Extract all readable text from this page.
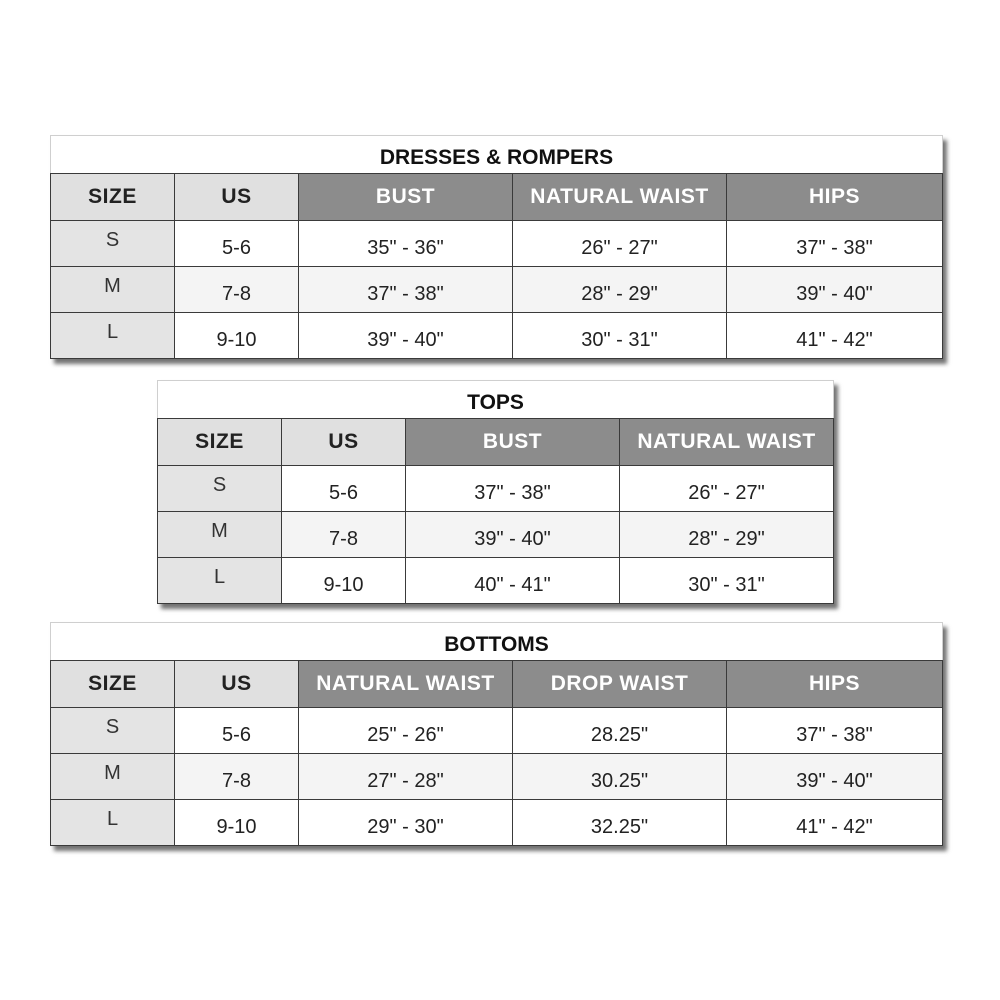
DRESSES & ROMPERS				
SIZE	US	BUST	NATURAL WAIST	HIPS
S	5-6	35" - 36"	26" - 27"	37" - 38"
M	7-8	37" - 38"	28" - 29"	39" - 40"
L	9-10	39" - 40"	30" - 31"	41" - 42"
TOPS			
SIZE	US	BUST	NATURAL WAIST
S	5-6	37" - 38"	26" - 27"
M	7-8	39" - 40"	28" - 29"
L	9-10	40" - 41"	30" - 31"
BOTTOMS				
SIZE	US	NATURAL WAIST	DROP WAIST	HIPS
S	5-6	25" - 26"	28.25"	37" - 38"
M	7-8	27" - 28"	30.25"	39" - 40"
L	9-10	29" - 30"	32.25"	41" - 42"
